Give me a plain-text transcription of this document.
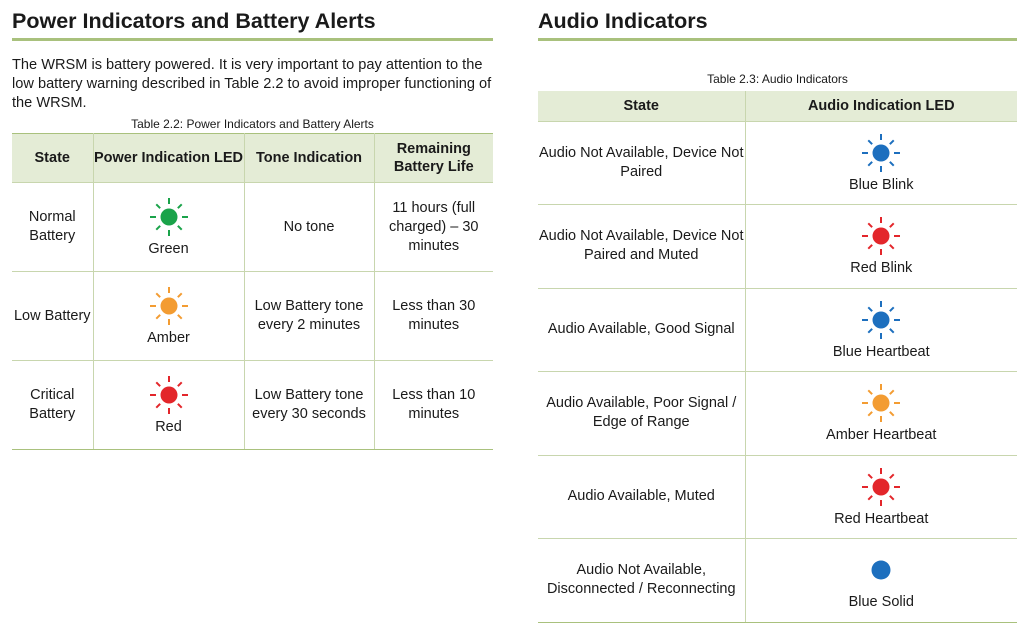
Power Indicators and Battery Alerts

The WRSM is battery powered. It is very important to pay attention to the low battery warning described in Table 2.2 to avoid improper functioning of the WRSM.

Table 2.2: Power Indicators and Battery Alerts
State	Power Indication LED	Tone Indication	Remaining Battery Life
Normal Battery	Green	No tone	11 hours (full charged) – 30 minutes
Low Battery	Amber	Low Battery tone every 2 minutes	Less than 30 minutes
Critical Battery	Red	Low Battery tone every 30 seconds	Less than 10 minutes
Audio Indicators
Table 2.3: Audio Indicators
State	Audio Indication LED
Audio Not Available, Device Not Paired	Blue Blink

Audio Not Available, Device Not Paired and Muted	Red Blink

Audio Available, Good Signal	Blue Heartbeat

Audio Available, Poor Signal / Edge of Range	Amber Heartbeat

Audio Available, Muted	Red Heartbeat

Audio Not Available, Disconnected / Reconnecting	Blue Solid
